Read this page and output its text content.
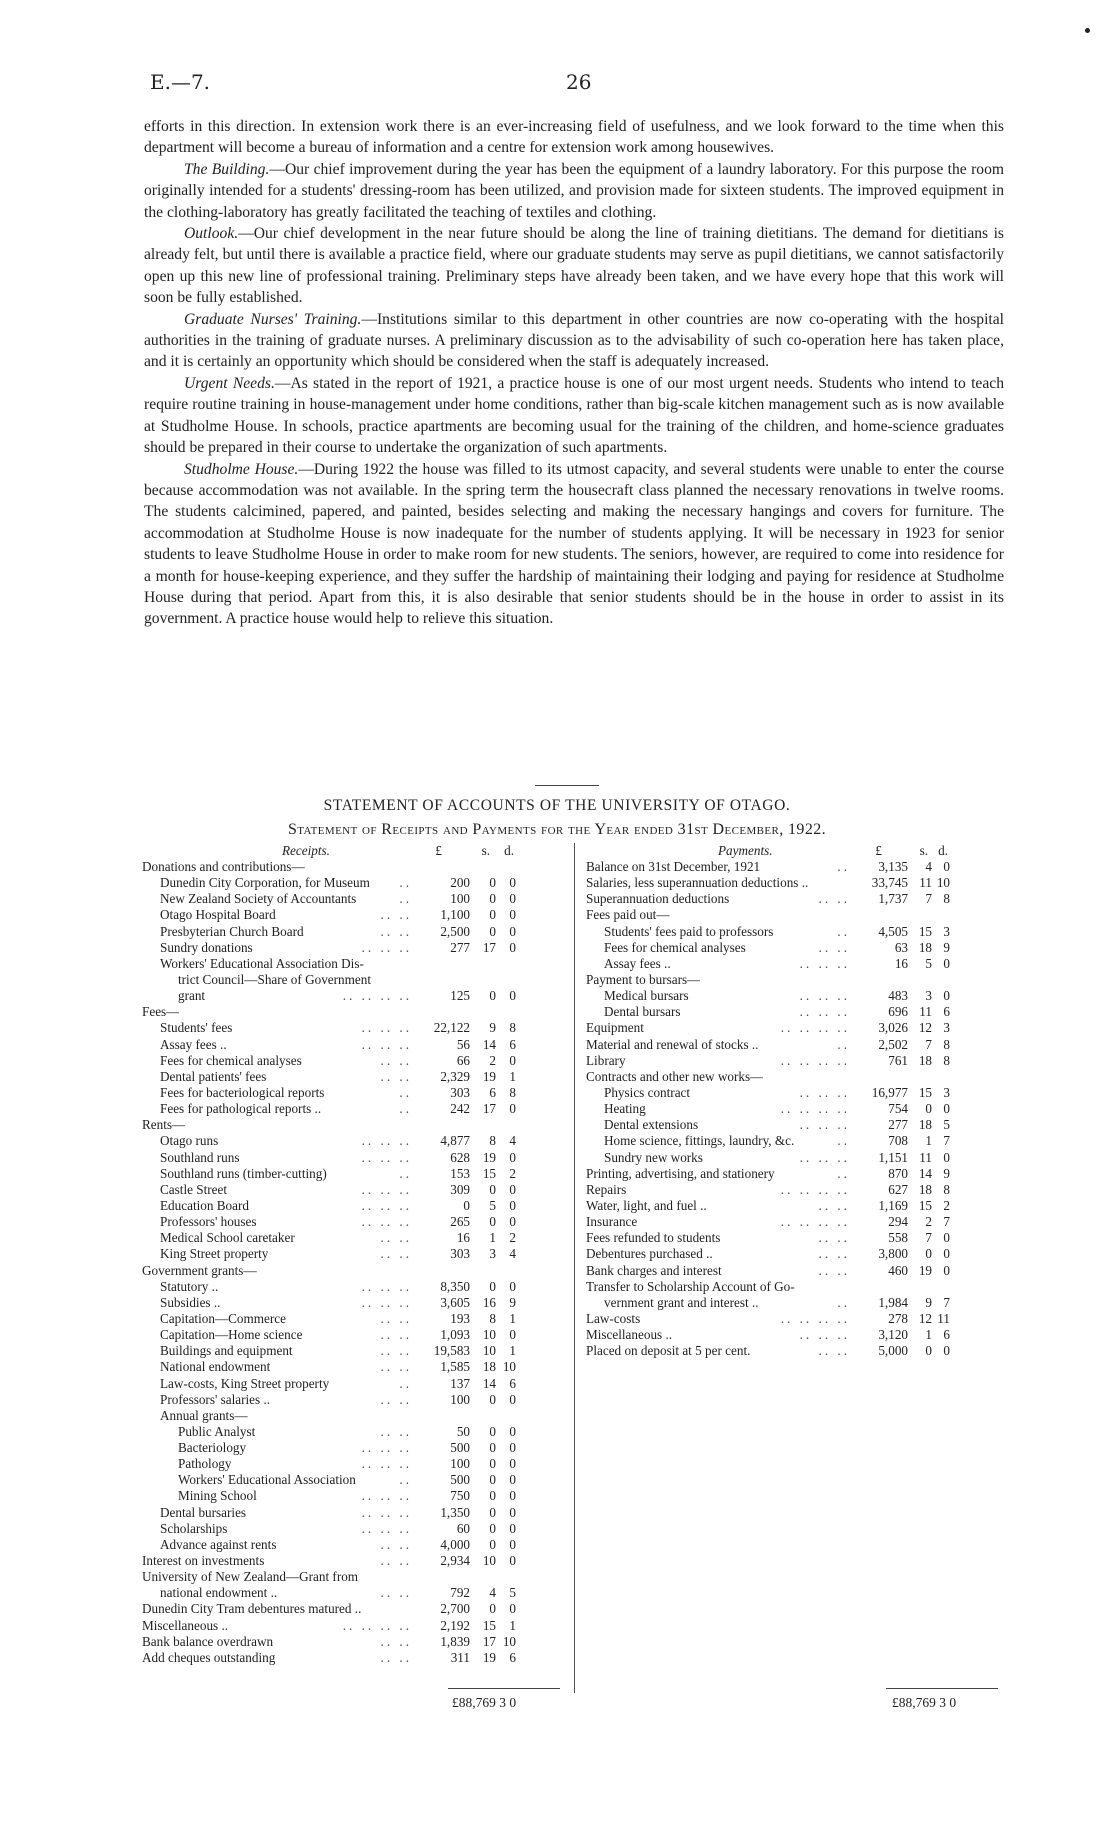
E.—7.	26

efforts in this direction. In extension work there is an ever-increasing field of usefulness, and we look forward to the time when this department will become a bureau of information and a centre for extension work among housewives.

The Building.—Our chief improvement during the year has been the equipment of a laundry laboratory. For this purpose the room originally intended for a students' dressing-room has been utilized, and provision made for sixteen students. The improved equipment in the clothing-laboratory has greatly facilitated the teaching of textiles and clothing.

Outlook.—Our chief development in the near future should be along the line of training dietitians. The demand for dietitians is already felt, but until there is available a practice field, where our graduate students may serve as pupil dietitians, we cannot satisfactorily open up this new line of professional training. Preliminary steps have already been taken, and we have every hope that this work will soon be fully established.

Graduate Nurses' Training.—Institutions similar to this department in other countries are now co-operating with the hospital authorities in the training of graduate nurses. A preliminary discussion as to the advisability of such co-operation here has taken place, and it is certainly an opportunity which should be considered when the staff is adequately increased.

Urgent Needs.—As stated in the report of 1921, a practice house is one of our most urgent needs. Students who intend to teach require routine training in house-management under home conditions, rather than big-scale kitchen management such as is now available at Studholme House. In schools, practice apartments are becoming usual for the training of the children, and home-science graduates should be prepared in their course to undertake the organization of such apartments.

Studholme House.—During 1922 the house was filled to its utmost capacity, and several students were unable to enter the course because accommodation was not available. In the spring term the housecraft class planned the necessary renovations in twelve rooms. The students calcimined, papered, and painted, besides selecting and making the necessary hangings and covers for furniture. The accommodation at Studholme House is now inadequate for the number of students applying. It will be necessary in 1923 for senior students to leave Studholme House in order to make room for new students. The seniors, however, are required to come into residence for a month for house-keeping experience, and they suffer the hardship of maintaining their lodging and paying for residence at Studholme House during that period. Apart from this, it is also desirable that senior students should be in the house in order to assist in its government. A practice house would help to relieve this situation.

STATEMENT OF ACCOUNTS OF THE UNIVERSITY OF OTAGO.
Statement of Receipts and Payments for the Year ended 31st December, 1922.
Receipts.	£	s. d.
Donations and contributions—
Dunedin City Corporation, for Museum ..	200	0	0
New Zealand Society of Accountants	..	100	0	0
Otago Hospital Board	.. .. 1,100	0	0
Presbyterian Church Board	.. .. 2,500	0	0
Sundry donations	.. .. ..	277 17	0
Workers' Educational Association Dis-
trict Council—Share of Government
grant	.. .. .. ..	125	0	0
Fees—
Students' fees	.. .. .. 22,122	9	8
Assay fees ..	.. .. ..	56 14	6
Fees for chemical analyses	.. ..	66	2	0
Dental patients' fees	.. .. 2,329 19	1
Fees for bacteriological reports	..	303	6	8
Fees for pathological reports ..	..	242 17	0
Rents—
Otago runs	.. .. .. 4,877	8	4
Southland runs	.. .. ..	628 19	0
Southland runs (timber-cutting)	..	153 15	2
Castle Street	.. .. ..	309	0	0
Education Board	.. .. ..	0	5	0
Professors' houses	.. .. ..	265	0	0
Medical School caretaker	.. ..	16	1	2
King Street property	.. ..	303	3	4
Government grants—
Statutory ..	.. .. .. 8,350	0	0
Subsidies ..	.. .. .. 3,605 16	9
Capitation—Commerce	.. ..	193	8	1
Capitation—Home science	.. .. 1,093 10	0
Buildings and equipment	.. .. 19,583 10	1
National endowment	.. .. 1,585 18 10
Law-costs, King Street property	..	137 14	6
Professors' salaries ..	.. ..	100	0	0
Annual grants—
Public Analyst	.. ..	50	0	0
Bacteriology	.. .. ..	500	0	0
Pathology	.. .. ..	100	0	0
Workers' Educational Association	..	500	0	0
Mining School	.. .. ..	750	0	0
Dental bursaries	.. .. .. 1,350	0	0
Scholarships	.. .. ..	60	0	0
Advance against rents	.. .. 4,000	0	0
Interest on investments	.. .. 2,934 10	0
University of New Zealand—Grant from
national endowment ..	.. ..	792	4	5
Dunedin City Tram debentures matured ..	2,700	0	0
Miscellaneous ..	.. .. .. .. 2,192 15	1
Bank balance overdrawn	.. .. 1,839 17 10
Add cheques outstanding	.. ..	311 19	6
Payments.	£	s. d.
Balance on 31st December, 1921	.. 3,135	4 0
Salaries, less superannuation deductions ..	33,745 11 10
Superannuation deductions	.. .. 1,737	7 8
Fees paid out—
Students' fees paid to professors	.. 4,505 15 3
Fees for chemical analyses	.. ..	63 18 9
Assay fees ..	.. .. ..	16	5 0
Payment to bursars—
Medical bursars	.. .. ..	483	3 0
Dental bursars	.. .. ..	696 11 6
Equipment	.. .. .. .. 3,026 12 3
Material and renewal of stocks ..	.. 2,502	7 8
Library	.. .. .. ..	761 18 8
Contracts and other new works—
Physics contract	.. .. .. 16,977 15 3
Heating	.. .. .. ..	754	0 0
Dental extensions	.. .. ..	277 18 5
Home science, fittings, laundry, &c.	..	708	1 7
Sundry new works	.. .. .. 1,151 11 0
Printing, advertising, and stationery	..	870 14 9
Repairs	.. .. .. ..	627 18 8
Water, light, and fuel ..	.. .. 1,169 15 2
Insurance	.. .. .. ..	294	2 7
Fees refunded to students	.. ..	558	7 0
Debentures purchased ..	.. .. 3,800	0 0
Bank charges and interest	.. ..	460 19 0
Transfer to Scholarship Account of Go-
vernment grant and interest ..	.. 1,984	9 7
Law-costs	.. .. .. ..	278 12 11
Miscellaneous ..	.. .. .. 3,120	1 6
Placed on deposit at 5 per cent.	.. .. 5,000	0 0
£88,769 3 0	£88,769 3 0
